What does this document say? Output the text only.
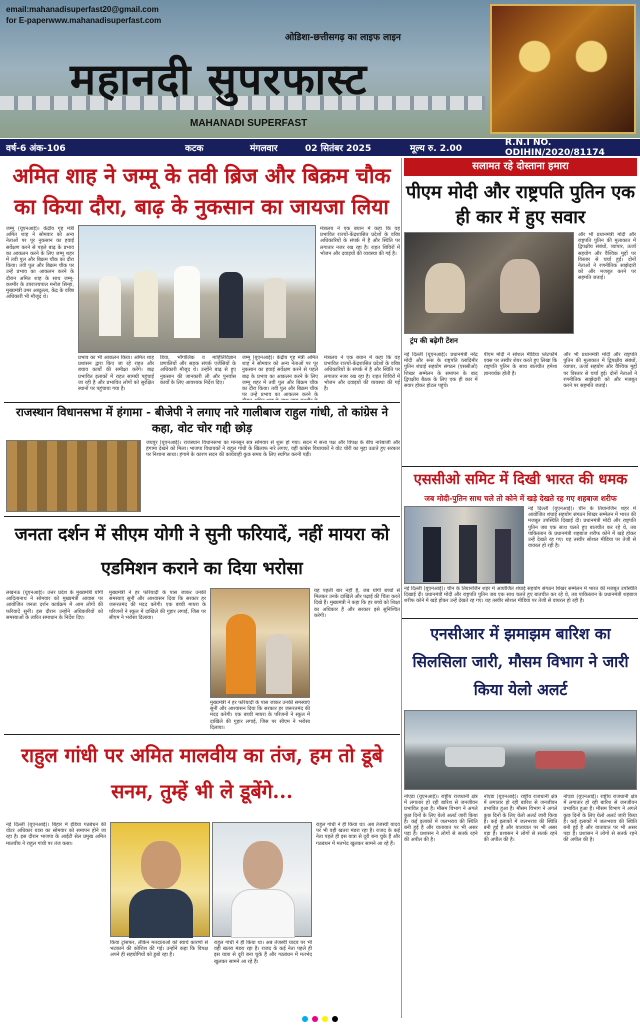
email:mahanadisuperfast20@gmail.com
for E-paperwww.mahanadisuperfast.com
ओडिशा-छत्तीसगढ़ का लाइफ लाइन
महानदी सुपरफास्ट
MAHANADI SUPERFAST
वर्ष-6 अंक-106	कटक	मंगलवार	02 सितंबर 2025	मूल्य रु. 2.00
R.N.I NO. ODIHIN/2020/81174
अमित शाह ने जम्मू के तवी ब्रिज और बिक्रम चौक का किया दौरा, बाढ़ के नुकसान का जायजा लिया
जम्मू (यूएनआई)। केंद्रीय गृह मंत्री अमित शाह ने सोमवार को अन्य नेताओं पर पूर नुकसान का हवाई सर्वेक्षण करने से पहले बाढ़ के प्रभाव का आकलन करने के लिए जम्मू शहर में तवी पुल और बिक्रम चौक का दौरा किया। तवी पुल और बिक्रम चौक पर उन्हें प्रभाव का आकलन करने के दौरान अमित शाह के साथ जम्मू-कश्मीर के उपराज्यपाल मनोज सिन्हा, मुख्यमंत्री उमर अब्दुल्ला, केंद्र के वरिष्ठ अधिकारी भी मौजूद थे।
मंत्रालय ने एक बयान में कहा कि वह प्रभावित राज्यों-केंद्रशासित प्रदेशों के वरिष्ठ अधिकारियों के संपर्क में है और स्थिति पर लगातार नजर रख रहा है। राहत शिविरों में भोजन और दवाइयों की व्यवस्था की गई है।
प्रभाव का भी आकलन किया। अमित शाह प्रशासन द्वारा किए जा रहे राहत और बचाव कार्यों की समीक्षा करेंगे। बाढ़ प्रभावित इलाकों में राहत सामग्री पहुंचाई जा रही है और प्रभावित लोगों को सुरक्षित स्थानों पर पहुंचाया गया है।
डिया, भौगोलिक व माहितिविज्ञान प्रणालियों और सड़क संपर्क एजेंसियों के अधिकारी मौजूद थे। उन्होंने बाढ़ से हुए नुकसान की जानकारी ली और पुनर्वास कार्यों के लिए आवश्यक निर्देश दिए।
जम्मू (यूएनआई)। केंद्रीय गृह मंत्री अमित शाह ने सोमवार को अन्य नेताओं पर पूर नुकसान का हवाई सर्वेक्षण करने से पहले बाढ़ के प्रभाव का आकलन करने के लिए जम्मू शहर में तवी पुल और बिक्रम चौक का दौरा किया। तवी पुल और बिक्रम चौक पर उन्हें प्रभाव का आकलन करने के
मंत्रालय ने एक बयान में कहा कि वह प्रभावित राज्यों-केंद्रशासित प्रदेशों के वरिष्ठ अधिकारियों के संपर्क में है और स्थिति पर लगातार नजर रख रहा है। राहत शिविरों में भोजन और दवाइयों की व्यवस्था की गई है।
सलामत रहे दोस्ताना हमारा
पीएम मोदी और राष्ट्रपति पुतिन एक ही कार में हुए सवार
ट्रंप की बढ़ेगी टेंशन
और भी प्रधानमंत्री मोदी और राष्ट्रपति पुतिन की मुलाकात में द्विपक्षीय संबंधों, व्यापार, ऊर्जा सहयोग और वैश्विक मुद्दों पर विस्तार से चर्चा हुई। दोनों नेताओं ने रणनीतिक साझेदारी को और मजबूत करने पर सहमति जताई।
नई दिल्ली (यूएनआई)। प्रधानमंत्री नरेंद्र मोदी और रूस के राष्ट्रपति व्लादिमीर पुतिन शंघाई सहयोग संगठन (एससीओ) शिखर सम्मेलन के समापन के बाद द्विपक्षीय बैठक के लिए एक ही कार में सवार होकर होटल पहुंचे।
पीएम मोदी ने सोशल मीडिया प्लेटफॉर्म एक्स पर तस्वीर शेयर करते हुए लिखा कि राष्ट्रपति पुतिन के साथ बातचीत हमेशा ज्ञानवर्धक होती है।
और भी प्रधानमंत्री मोदी और राष्ट्रपति पुतिन की मुलाकात में द्विपक्षीय संबंधों, व्यापार, ऊर्जा सहयोग और वैश्विक मुद्दों पर विस्तार से चर्चा हुई। दोनों नेताओं ने रणनीतिक साझेदारी को और मजबूत करने पर सहमति जताई।
राजस्थान विधानसभा में हंगामा - बीजेपी ने लगाए नारे गालीबाज राहुल गांधी, तो कांग्रेस ने कहा, वोट चोर गद्दी छोड़
जयपुर (यूएनआई)। राजस्थान विधानसभा का मानसून सत्र सोमवार से शुरू हो गया। सदन में सत्ता पक्ष और विपक्ष के बीच नारेबाजी और हंगामा देखने को मिला। भाजपा विधायकों ने राहुल गांधी के खिलाफ नारे लगाए, वहीं कांग्रेस विधायकों ने वोट चोरी का मुद्दा उठाते हुए सरकार पर निशाना साधा। हंगामे के कारण सदन की कार्यवाही कुछ समय के लिए स्थगित करनी पड़ी।
एससीओ समिट में दिखी भारत की धमक
जब मोदी-पुतिन साथ चले तो कोने में खड़े देखते रह गए शहबाज शरीफ
नई दिल्ली (यूएनआई)। चीन के तियानजिन शहर में आयोजित शंघाई सहयोग संगठन शिखर सम्मेलन में भारत की मजबूत उपस्थिति दिखाई दी। प्रधानमंत्री मोदी और राष्ट्रपति पुतिन जब एक साथ चलते हुए बातचीत कर रहे थे, तब पाकिस्तान के प्रधानमंत्री शहबाज शरीफ कोने में खड़े होकर उन्हें देखते रह गए। यह तस्वीर सोशल मीडिया पर तेजी से वायरल हो रही है।
नई दिल्ली (यूएनआई)। चीन के तियानजिन शहर में आयोजित शंघाई सहयोग संगठन शिखर सम्मेलन में भारत की मजबूत उपस्थिति दिखाई दी। प्रधानमंत्री मोदी और राष्ट्रपति पुतिन जब एक साथ चलते हुए बातचीत कर रहे थे, तब पाकिस्तान के प्रधानमंत्री शहबाज शरीफ कोने में खड़े होकर उन्हें देखते रह गए। यह तस्वीर सोशल मीडिया पर तेजी से वायरल हो रही है।
जनता दर्शन में सीएम योगी ने सुनी फरियादें, नहीं मायरा को एडमिशन कराने का दिया भरोसा
लखनऊ (यूएनआई)। उत्तर प्रदेश के मुख्यमंत्री योगी आदित्यनाथ ने सोमवार को मुख्यमंत्री आवास पर आयोजित जनता दर्शन कार्यक्रम में आम लोगों की फरियादें सुनीं। इस दौरान उन्होंने अधिकारियों को समस्याओं के त्वरित समाधान के निर्देश दिए।
मुख्यमंत्री ने हर फरियादी के पास जाकर उनकी समस्याएं सुनीं और आश्वासन दिया कि सरकार हर जरूरतमंद की मदद करेगी। एक बच्ची मायरा के परिजनों ने स्कूल में दाखिले की गुहार लगाई, जिस पर सीएम ने भरोसा दिलाया।
यह पहली बार नहीं है, जब योगी बच्चों से मिलकर उनके दाखिले और पढ़ाई की चिंता करते दिखे हैं। मुख्यमंत्री ने कहा कि हर बच्चे को शिक्षा का अधिकार है और सरकार इसे सुनिश्चित करेगी।
मुख्यमंत्री ने हर फरियादी के पास जाकर उनकी समस्याएं सुनीं और आश्वासन दिया कि सरकार हर जरूरतमंद की मदद करेगी। एक बच्ची मायरा के परिजनों ने स्कूल में दाखिले की गुहार लगाई, जिस पर सीएम ने भरोसा दिलाया।
एनसीआर में झमाझम बारिश का सिलसिला जारी, मौसम विभाग ने जारी किया येलो अलर्ट
नोएडा (यूएनआई)। राष्ट्रीय राजधानी क्षेत्र में लगातार हो रही बारिश से जनजीवन प्रभावित हुआ है। मौसम विभाग ने अगले कुछ दिनों के लिए येलो अलर्ट जारी किया है। कई इलाकों में जलभराव की स्थिति बनी हुई है और यातायात पर भी असर पड़ा है। प्रशासन ने लोगों से सतर्क रहने की अपील की है।
नोएडा (यूएनआई)। राष्ट्रीय राजधानी क्षेत्र में लगातार हो रही बारिश से जनजीवन प्रभावित हुआ है। मौसम विभाग ने अगले कुछ दिनों के लिए येलो अलर्ट जारी किया है। कई इलाकों में जलभराव की स्थिति बनी हुई है और यातायात पर भी असर पड़ा है। प्रशासन ने लोगों से सतर्क रहने की अपील की है।
नोएडा (यूएनआई)। राष्ट्रीय राजधानी क्षेत्र में लगातार हो रही बारिश से जनजीवन प्रभावित हुआ है। मौसम विभाग ने अगले कुछ दिनों के लिए येलो अलर्ट जारी किया है। कई इलाकों में जलभराव की स्थिति बनी हुई है और यातायात पर भी असर पड़ा है। प्रशासन ने लोगों से सतर्क रहने की अपील की है।
राहुल गांधी पर अमित मालवीय का तंज, हम तो डूबे सनम, तुम्हें भी ले डूबेंगे...
नई दिल्ली (यूएनआई)। बिहार में इंडिया गठबंधन की वोटर अधिकार यात्रा का सोमवार को समापन होने जा रहा है। इस दौरान भाजपा के आईटी सेल प्रमुख अमित मालवीय ने राहुल गांधी पर तंज कसा।
राहुल गांधी ने ही किया था। अब तेजस्वी यादव पर भी वही खतरा मंडरा रहा है। राजद के कई नेता पहले ही इस यात्रा से दूरी बना चुके हैं और गठबंधन में मतभेद खुलकर सामने आ रहे हैं।
किया ट्रांसफर, लेकिन मतदाताओं को स्वार्थ कारणों से भटकाने की कोशिश की गई। उन्होंने कहा कि विपक्ष अपने ही सहयोगियों को डुबो रहा है।
राहुल गांधी ने ही किया था। अब तेजस्वी यादव पर भी वही खतरा मंडरा रहा है। राजद के कई नेता पहले ही इस यात्रा से दूरी बना चुके हैं और गठबंधन में मतभेद खुलकर सामने आ रहे हैं।
